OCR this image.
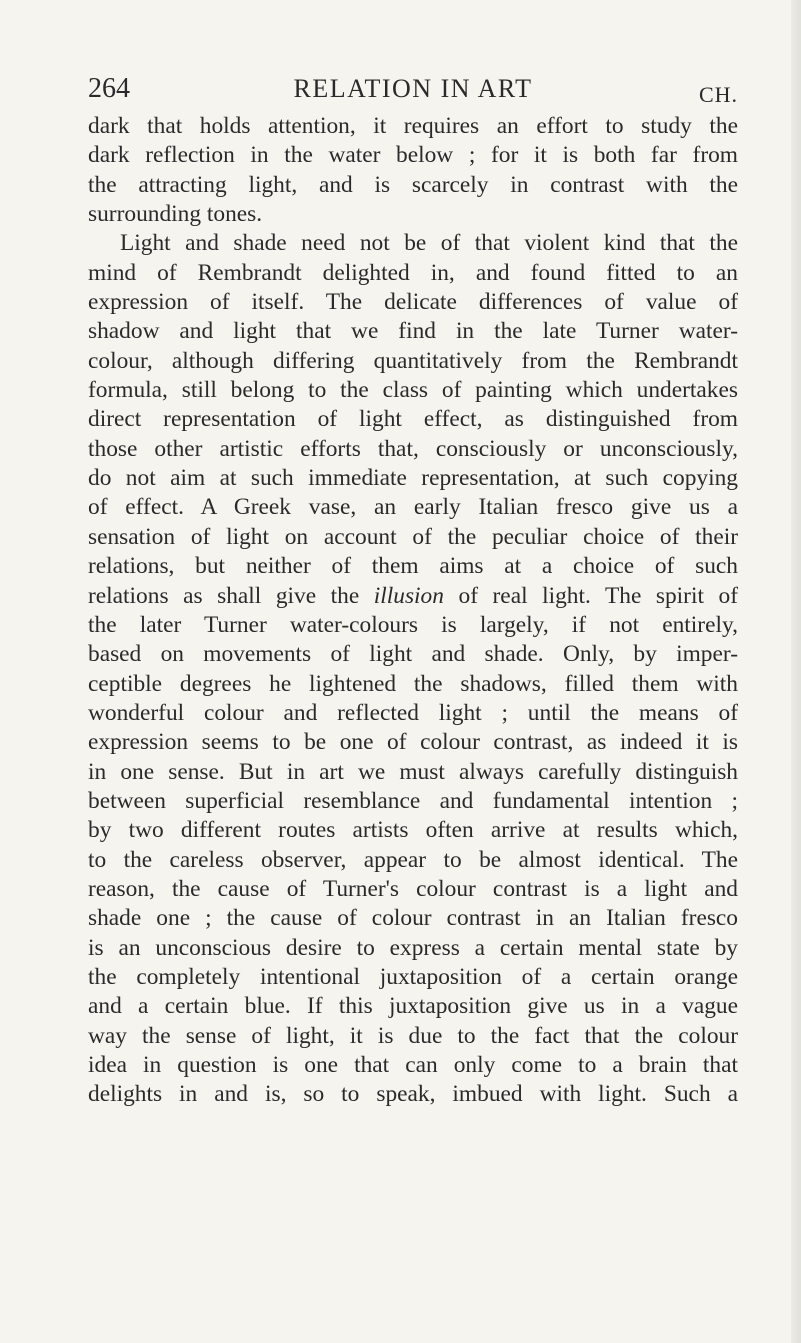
264	RELATION IN ART	CH.
dark that holds attention, it requires an effort to study the
dark reflection in the water below ; for it is both far from
the attracting light, and is scarcely in contrast with the
surrounding tones.
Light and shade need not be of that violent kind that the
mind of Rembrandt delighted in, and found fitted to an
expression of itself. The delicate differences of value of
shadow and light that we find in the late Turner water-
colour, although differing quantitatively from the Rembrandt
formula, still belong to the class of painting which undertakes
direct representation of light effect, as distinguished from
those other artistic efforts that, consciously or unconsciously,
do not aim at such immediate representation, at such copying
of effect. A Greek vase, an early Italian fresco give us a
sensation of light on account of the peculiar choice of their
relations, but neither of them aims at a choice of such
relations as shall give the illusion of real light. The spirit of
the later Turner water-colours is largely, if not entirely,
based on movements of light and shade. Only, by imper-
ceptible degrees he lightened the shadows, filled them with
wonderful colour and reflected light ; until the means of
expression seems to be one of colour contrast, as indeed it is
in one sense. But in art we must always carefully distinguish
between superficial resemblance and fundamental intention ;
by two different routes artists often arrive at results which,
to the careless observer, appear to be almost identical. The
reason, the cause of Turner's colour contrast is a light and
shade one ; the cause of colour contrast in an Italian fresco
is an unconscious desire to express a certain mental state by
the completely intentional juxtaposition of a certain orange
and a certain blue. If this juxtaposition give us in a vague
way the sense of light, it is due to the fact that the colour
idea in question is one that can only come to a brain that
delights in and is, so to speak, imbued with light. Such a
